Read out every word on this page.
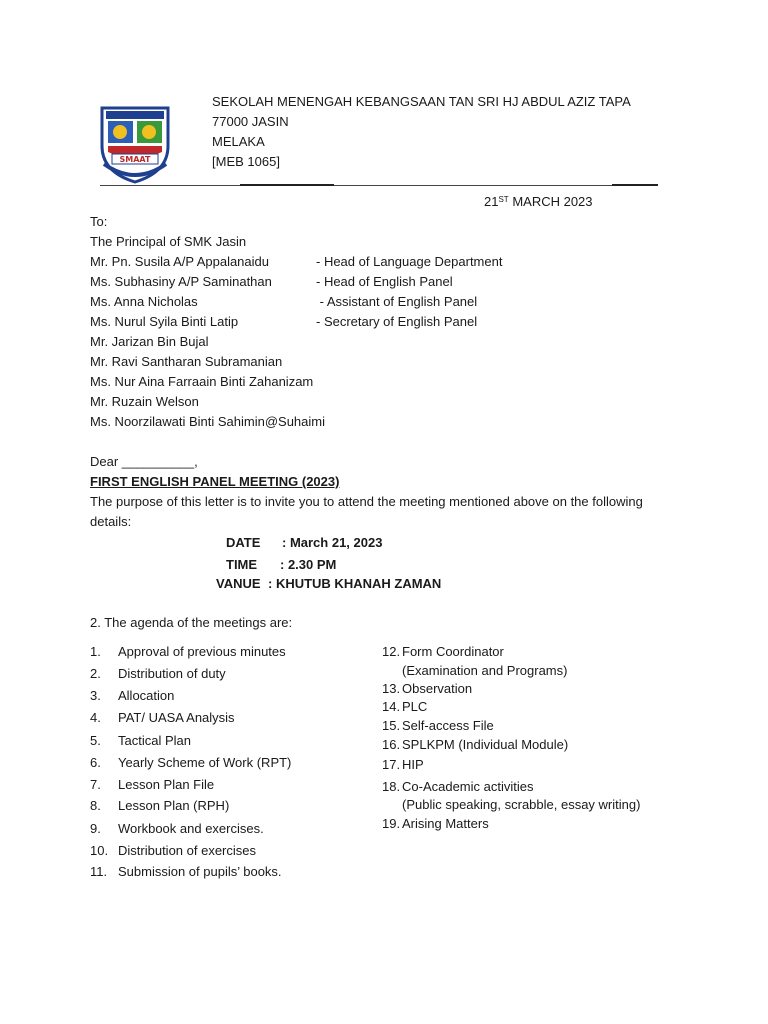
SMAAT
SEKOLAH MENENGAH KEBANGSAAN TAN SRI HJ ABDUL AZIZ TAPA
77000 JASIN
MELAKA
[MEB 1065]
21ST MARCH 2023
To:
The Principal of SMK Jasin
Mr. Pn. Susila A/P Appalanaidu	- Head of Language Department
Ms. Subhasiny A/P Saminathan	- Head of English Panel
Ms. Anna Nicholas	- Assistant of English Panel
Ms. Nurul Syila Binti Latip	- Secretary of English Panel
Mr. Jarizan Bin Bujal
Mr. Ravi Santharan Subramanian
Ms. Nur Aina Farraain Binti Zahanizam
Mr. Ruzain Welson
Ms. Noorzilawati Binti Sahimin@Suhaimi
Dear __________,
FIRST ENGLISH PANEL MEETING (2023)
The purpose of this letter is to invite you to attend the meeting mentioned above on the following
details:
DATE : March 21, 2023
TIME : 2.30 PM
VANUE : KHUTUB KHANAH ZAMAN
2. The agenda of the meetings are:
1. Approval of previous minutes
2. Distribution of duty
3. Allocation
4. PAT/ UASA Analysis
5. Tactical Plan
6. Yearly Scheme of Work (RPT)
7. Lesson Plan File
8. Lesson Plan (RPH)
9. Workbook and exercises.
10. Distribution of exercises
11. Submission of pupils’ books.
12. Form Coordinator
(Examination and Programs)
13. Observation
14. PLC
15. Self-access File
16. SPLKPM (Individual Module)
17. HIP
18. Co-Academic activities
(Public speaking, scrabble, essay writing)
19. Arising Matters
